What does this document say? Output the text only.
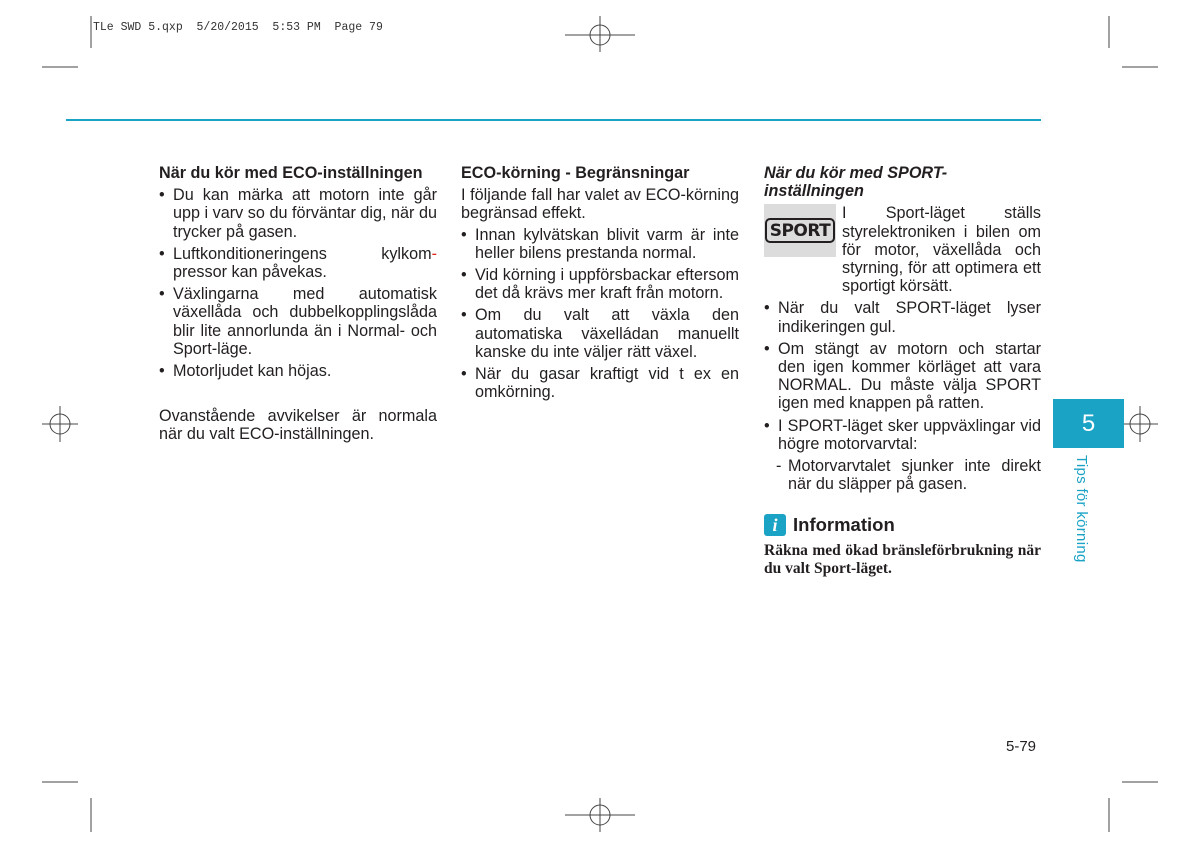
TLe SWD 5.qxp  5/20/2015  5:53 PM  Page 79

När du kör med ECO-inställningen

• Du kan märka att motorn inte går upp i varv so du förväntar dig, när du trycker på gasen.
• Luftkonditioneringens kylkom- pressor kan påvekas.
• Växlingarna med automatisk växellåda och dubbelkopplingslåda blir lite annorlunda än i Normal- och Sport-läge.
• Motorljudet kan höjas.

Ovanstående avvikelser är normala när du valt ECO-inställningen.

ECO-körning - Begränsningar

I följande fall har valet av ECO-körning begränsad effekt.

• Innan kylvätskan blivit varm är inte heller bilens prestanda normal.
• Vid körning i uppförsbackar eftersom det då krävs mer kraft från motorn.
• Om du valt att växla den automatiska växelládan manuellt kanske du inte väljer rätt växel.
• När du gasar kraftigt vid t ex en omkörning.

När du kör med SPORT-inställningen

SPORT

I Sport-läget ställs styrelektroniken i bilen om för motor, växellåda och styrning, för att optimera ett sportigt körsätt.

• När du valt SPORT-läget lyser indikeringen gul.
• Om stängt av motorn och startar den igen kommer körläget att vara NORMAL. Du måste välja SPORT igen med knappen på ratten.
• I SPORT-läget sker uppväxlingar vid högre motorvarvtal:
- Motorvarvtalet sjunker inte direkt när du släpper på gasen.
i Information

Räkna med ökad bränsleförbrukning när du valt Sport-läget.

5
Tips för körning
5-79
